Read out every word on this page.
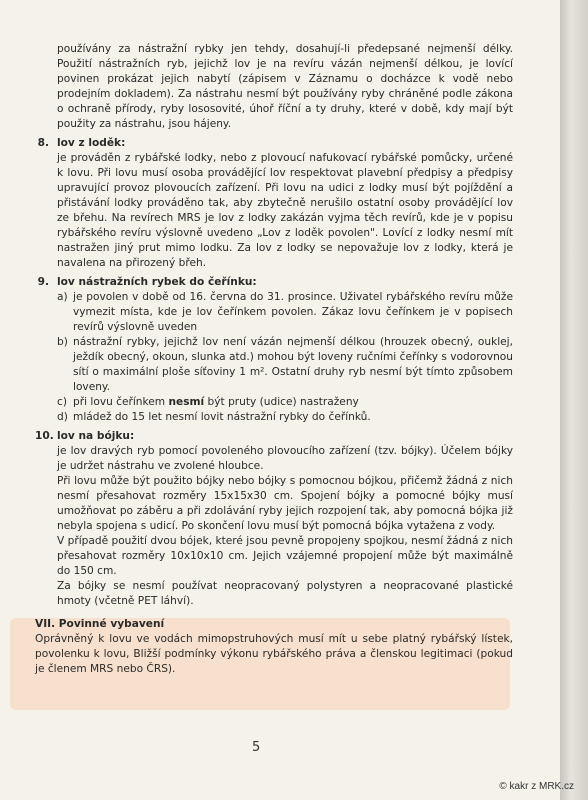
používány za nástražní rybky jen tehdy, dosahují-li předepsané nejmenší délky. Použití nástražních ryb, jejichž lov je na revíru vázán nejmenší délkou, je lovící povinen prokázat jejich nabytí (zápisem v Záznamu o docházce k vodě nebo prodejním dokladem). Za nástrahu nesmí být používány ryby chráněné podle zákona o ochraně přírody, ryby lososovité, úhoř říční a ty druhy, které v době, kdy mají být použity za nástrahu, jsou hájeny.

8. lov z loděk:

je prováděn z rybářské lodky, nebo z plovoucí nafukovací rybářské pomůcky, určené k lovu. Při lovu musí osoba provádějící lov respektovat plavební předpisy a předpisy upravující provoz plovoucích zařízení. Při lovu na udici z lodky musí být pojíždění a přistávání lodky prováděno tak, aby zbytečně nerušilo ostatní osoby provádějící lov ze břehu. Na revírech MRS je lov z lodky zakázán vyjma těch revírů, kde je v popisu rybářského revíru výslovně uvedeno „Lov z loděk povolen". Lovící z lodky nesmí mít nastražen jiný prut mimo lodku. Za lov z lodky se nepovažuje lov z lodky, která je navalena na přirozený břeh.

9. lov nástražních rybek do čeřínku:
a) je povolen v době od 16. června do 31. prosince. Uživatel rybářského revíru může vymezit místa, kde je lov čeřínkem povolen. Zákaz lovu čeřínkem je v popisech revírů výslovně uveden

b) nástražní rybky, jejichž lov není vázán nejmenší délkou (hrouzek obecný, ouklej, ježdík obecný, okoun, slunka atd.) mohou být loveny ručními čeřínky s vodorovnou sítí o maximální ploše síťoviny 1 m². Ostatní druhy ryb nesmí být tímto způsobem loveny.

c) při lovu čeřínkem nesmí být pruty (udice) nastraženy

d) mládež do 15 let nesmí lovit nástražní rybky do čeřínků.

10. lov na bójku:

je lov dravých ryb pomocí povoleného plovoucího zařízení (tzv. bójky). Účelem bójky je udržet nástrahu ve zvolené hloubce.

Při lovu může být použito bójky nebo bójky s pomocnou bójkou, přičemž žádná z nich nesmí přesahovat rozměry 15x15x30 cm. Spojení bójky a pomocné bójky musí umožňovat po záběru a při zdolávání ryby jejich rozpojení tak, aby pomocná bójka již nebyla spojena s udicí. Po skončení lovu musí být pomocná bójka vytažena z vody.

V případě použití dvou bójek, které jsou pevně propojeny spojkou, nesmí žádná z nich přesahovat rozměry 10x10x10 cm. Jejich vzájemné propojení může být maximálně do 150 cm.

Za bójky se nesmí používat neopracovaný polystyren a neopracované plastické hmoty (včetně PET láhví).

VII. Povinné vybavení

Oprávněný k lovu ve vodách mimopstruhových musí mít u sebe platný rybářský lístek, povolenku k lovu, Bližší podmínky výkonu rybářského práva a členskou legitimaci (pokud je členem MRS nebo ČRS).

5
© kakr z MRK.cz
